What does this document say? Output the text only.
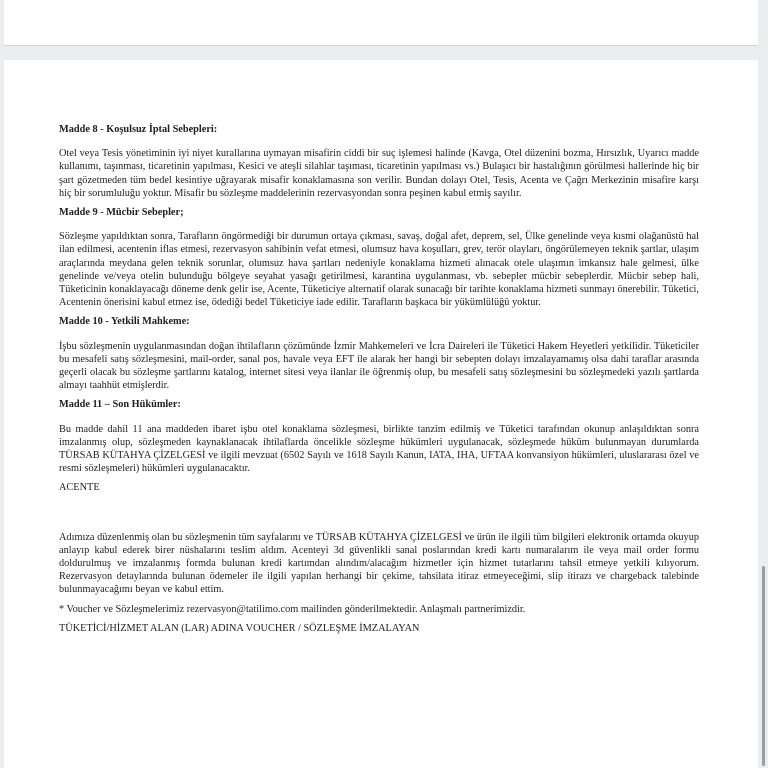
Madde 8 - Koşulsuz İptal Sebepleri:

Otel veya Tesis yönetiminin iyi niyet kurallarına uymayan misafirin ciddi bir suç işlemesi halinde (Kavga, Otel düzenini bozma, Hırsızlık, Uyarıcı madde kullanımı, taşınması, ticaretinin yapılması, Kesici ve ateşli silahlar taşıması, ticaretinin yapılması vs.) Bulaşıcı bir hastalığının görülmesi hallerinde hiç bir şart gözetmeden tüm bedel kesintiye uğrayarak misafir konaklamasına son verilir. Bundan dolayı Otel, Tesis, Acenta ve Çağrı Merkezinin misafire karşı hiç bir sorumluluğu yoktur. Misafir bu sözleşme maddelerinin rezervasyondan sonra peşinen kabul etmiş sayılır.

Madde 9 - Mücbir Sebepler;

Sözleşme yapıldıktan sonra, Tarafların öngörmediği bir durumun ortaya çıkması, savaş, doğal afet, deprem, sel, Ülke genelinde veya kısmi olağanüstü hal ilan edilmesi, acentenin iflas etmesi, rezervasyon sahibinin vefat etmesi, olumsuz hava koşulları, grev, terör olayları, öngörülemeyen teknik şartlar, ulaşım araçlarında meydana gelen teknik sorunlar, olumsuz hava şartları nedeniyle konaklama hizmeti alınacak otele ulaşımın imkansız hale gelmesi, ülke genelinde ve/veya otelin bulunduğu bölgeye seyahat yasağı getirilmesi, karantina uygulanması, vb. sebepler mücbir sebeplerdir. Mücbir sebep hali, Tüketicinin konaklayacağı döneme denk gelir ise, Acente, Tüketiciye alternatif olarak sunacağı bir tarihte konaklama hizmeti sunmayı önerebilir. Tüketici, Acentenin önerisini kabul etmez ise, ödediği bedel Tüketiciye iade edilir. Tarafların başkaca bir yükümlülüğü yoktur.

Madde 10 - Yetkili Mahkeme:

İşbu sözleşmenin uygulanmasından doğan ihtilafların çözümünde İzmir Mahkemeleri ve İcra Daireleri ile Tüketici Hakem Heyetleri yetkilidir. Tüketiciler bu mesafeli satış sözleşmesini, mail-order, sanal pos, havale veya EFT ile alarak her hangi bir sebepten dolayı imzalayamamış olsa dahi taraflar arasında geçerli olacak bu sözleşme şartlarını katalog, internet sitesi veya ilanlar ile öğrenmiş olup, bu mesafeli satış sözleşmesini bu sözleşmedeki yazılı şartlarda almayı taahhüt etmişlerdir.

Madde 11 – Son Hükümler:

Bu madde dahil 11 ana maddeden ibaret işbu otel konaklama sözleşmesi, birlikte tanzim edilmiş ve Tüketici tarafından okunup anlaşıldıktan sonra imzalanmış olup, sözleşmeden kaynaklanacak ihtilaflarda öncelikle sözleşme hükümleri uygulanacak, sözleşmede hüküm bulunmayan durumlarda TÜRSAB KÜTAHYA ÇİZELGESİ ve ilgili mevzuat (6502 Sayılı ve 1618 Sayılı Kanun, IATA, IHA, UFTAA konvansiyon hükümleri, uluslararası özel ve resmi sözleşmeleri) hükümleri uygulanacaktır.

ACENTE

Adımıza düzenlenmiş olan bu sözleşmenin tüm sayfalarını ve TÜRSAB KÜTAHYA ÇİZELGESİ ve ürün ile ilgili tüm bilgileri elektronik ortamda okuyup anlayıp kabul ederek birer nüshalarını teslim aldım. Acenteyi 3d güvenlikli sanal poslarından kredi kartı numaralarım ile veya mail order formu doldurulmuş ve imzalanmış formda bulunan kredi kartımdan alındım/alacağım hizmetler için hizmet tutarlarını tahsil etmeye yetkili kılıyorum. Rezervasyon detaylarında bulunan ödemeler ile ilgili yapılan herhangi bir çekime, tahsilata itiraz etmeyeceğimi, slip itirazı ve chargeback talebinde bulunmayacağımı beyan ve kabul ettim.

* Voucher ve Sözleşmelerimiz rezervasyon@tatilimo.com mailinden gönderilmektedir. Anlaşmalı partnerimizdir.

TÜKETİCİ/HİZMET ALAN (LAR) ADINA VOUCHER / SÖZLEŞME İMZALAYAN
